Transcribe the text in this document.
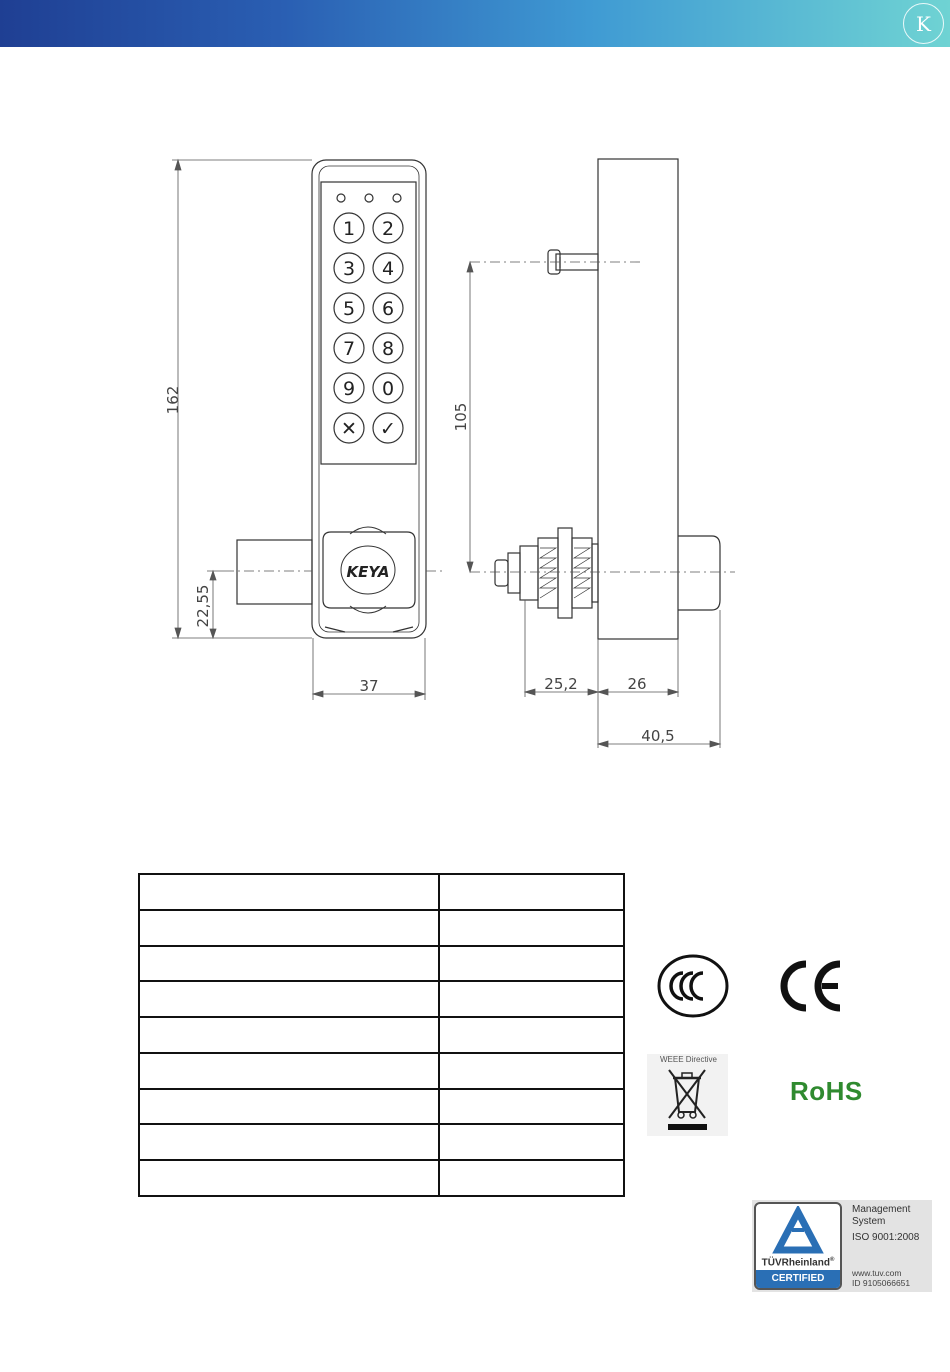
K
1 2
3 4
5 6
7 8
9 0
✕ ✓
KEYA
162
22,55
37
105
25,2	26
40,5

WEEE Directive
RoHS
TÜVRheinland®
CERTIFIED
Management
System
ISO 9001:2008
www.tuv.com
ID 9105066651
